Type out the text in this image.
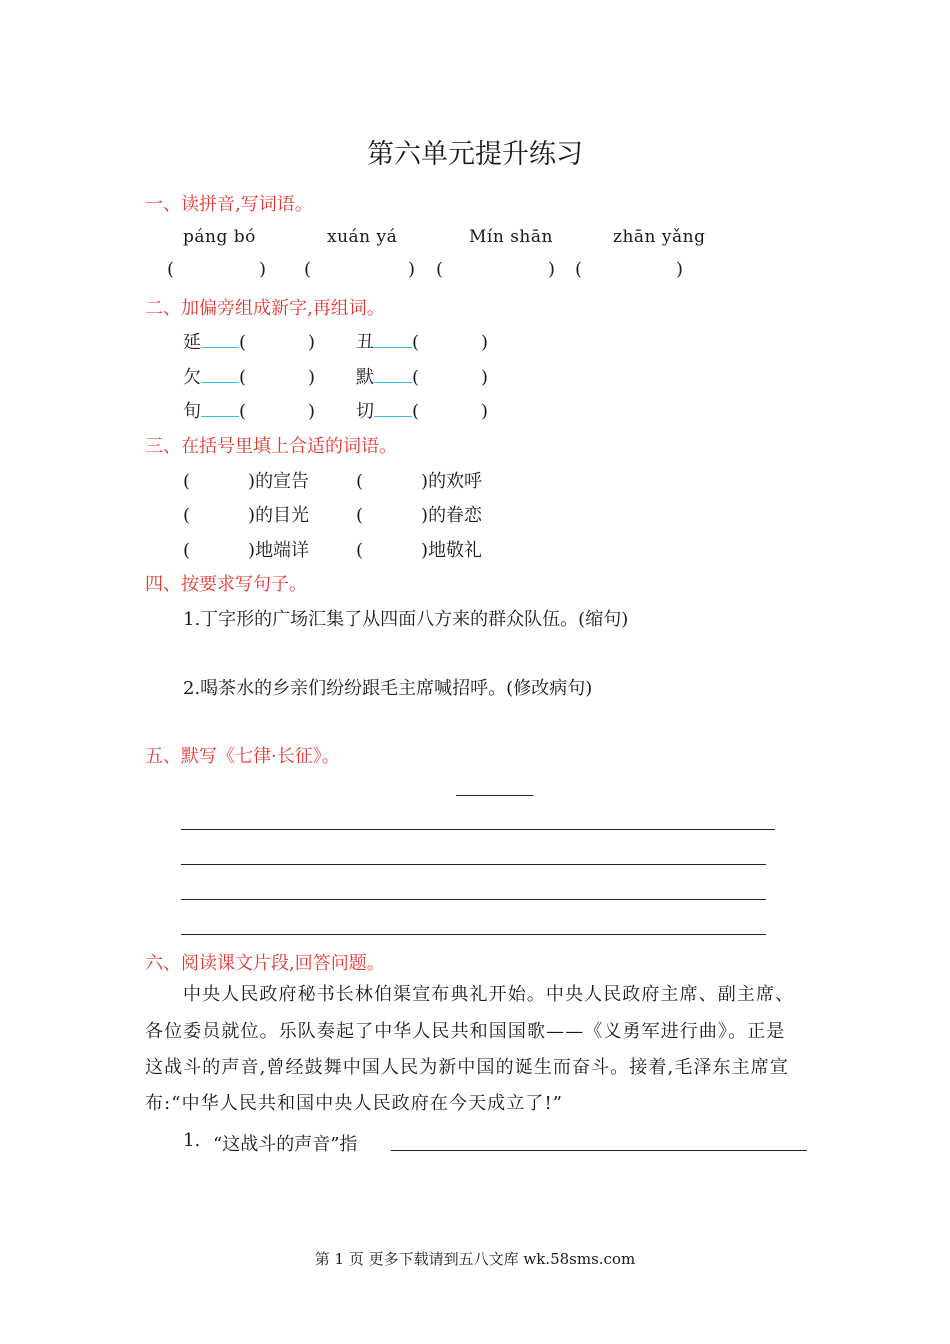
第六单元提升练习
一、读拼音,写词语。
páng bó	xuán yá	Mín shān	zhān yǎng
(	) (	) (	) (	)
二、加偏旁组成新字,再组词。
延 (	) 丑 (	)
欠 (	) 默 (	)
旬 (	) 切 (	)
三、在括号里填上合适的词语。
(	)的宣告	(	)的欢呼
(	)的目光	(	)的眷恋
(	)地端详	(	)地敬礼
四、按要求写句子。
1.丁字形的广场汇集了从四面八方来的群众队伍。(缩句)
2.喝茶水的乡亲们纷纷跟毛主席喊招呼。(修改病句)
五、默写《七律·长征》。
六、阅读课文片段,回答问题。
中央人民政府秘书长林伯渠宣布典礼开始。中央人民政府主席、副主席、
各位委员就位。乐队奏起了中华人民共和国国歌——《义勇军进行曲》。正是
这战斗的声音,曾经鼓舞中国人民为新中国的诞生而奋斗。接着,毛泽东主席宣
布:“中华人民共和国中央人民政府在今天成立了!”
1. “这战斗的声音”指
第 1 页 更多下载请到五八文库 wk.58sms.com
